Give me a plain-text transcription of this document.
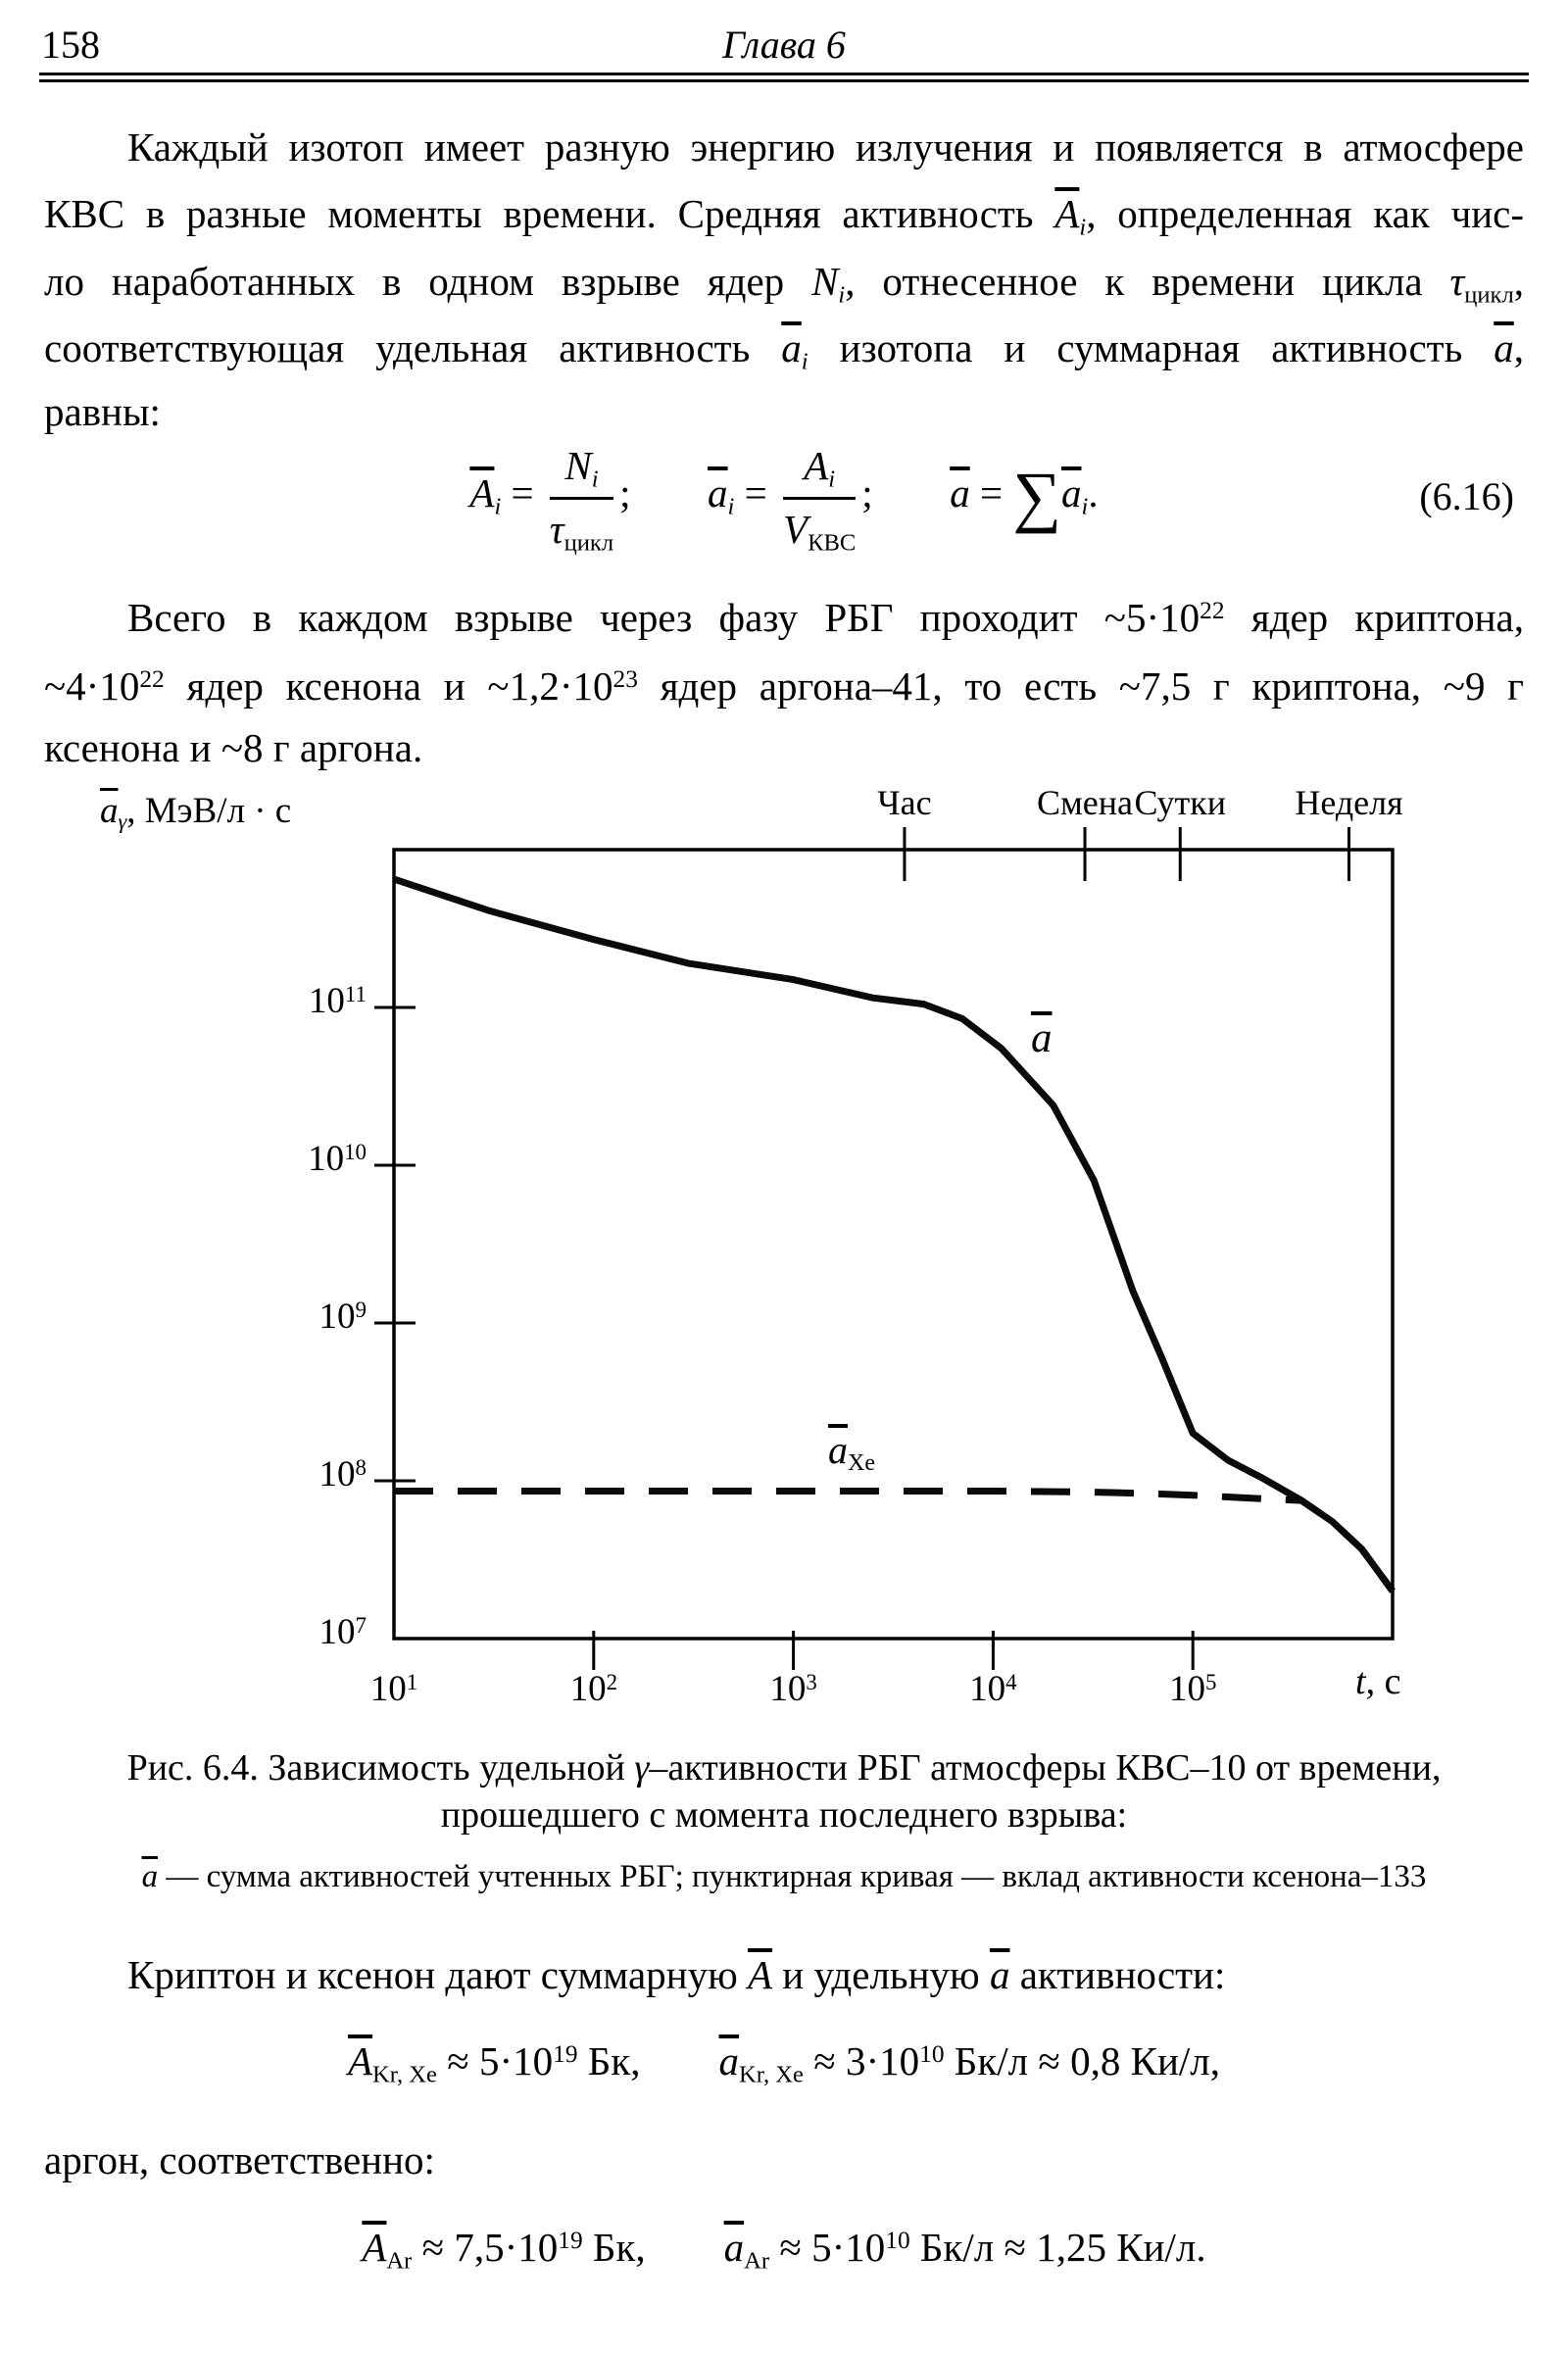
158	Глава 6
Каждый изотоп имеет разную энергию излучения и появляется в атмосфере
КВС в разные моменты времени. Средняя активность $\overline{A}_i$, определенная как чис-
ло наработанных в одном взрыве ядер $N_i$, отнесенное к времени цикла $\tau_{цикл}$,
соответствующая удельная активность $\overline{a}_i$ изотопа и суммарная активность $\overline{a}$,
равны:
$\overline{A}_i$ =
$N_i$
$\tau_{цикл}$
;  $\overline{a}_i$ =
$A_i$
$V_{КВС}$
;  $\overline{a} = \sum\overline{a}_i$.	(6.16)
Всего в каждом взрыве через фазу РБГ проходит $\sim 5\cdot 10^{22}$ ядер криптона,
$\sim 4\cdot 10^{22}$ ядер ксенона и $\sim 1,2\cdot 10^{23}$ ядер аргона–41, то есть ~7,5 г криптона, ~9 г
ксенона и ~8 г аргона.
$\overline{a}_\gamma$, МэВ/л · с
t, с
$\overline{a}$
$\overline{a}_{Xe}$
$10^1$	$10^2$	$10^3$	$10^4$	$10^5$
$10^7$
$10^8$
$10^9$
$10^{10}$
$10^{11}$
Час	Смена Сутки Неделя
Рис. 6.4. Зависимость удельной γ–активности РБГ атмосферы КВС–10 от времени,
прошедшего с момента последнего взрыва:
$\overline{a}$ — сумма активностей учтенных РБГ; пунктирная кривая — вклад активности ксенона–133
Криптон и ксенон дают суммарную $\overline{A}$ и удельную $\overline{a}$ активности:
$\overline{A}_{Kr, Xe} \approx 5\cdot 10^{19}$ Бк, $\overline{a}_{Kr, Xe} \approx 3\cdot 10^{10}$ Бк/л ≈ 0,8 Ки/л,
аргон, соответственно:
$\overline{A}_{Ar} \approx 7,5\cdot 10^{19}$ Бк, $\overline{a}_{Ar} \approx 5\cdot 10^{10}$ Бк/л ≈ 1,25 Ки/л.
